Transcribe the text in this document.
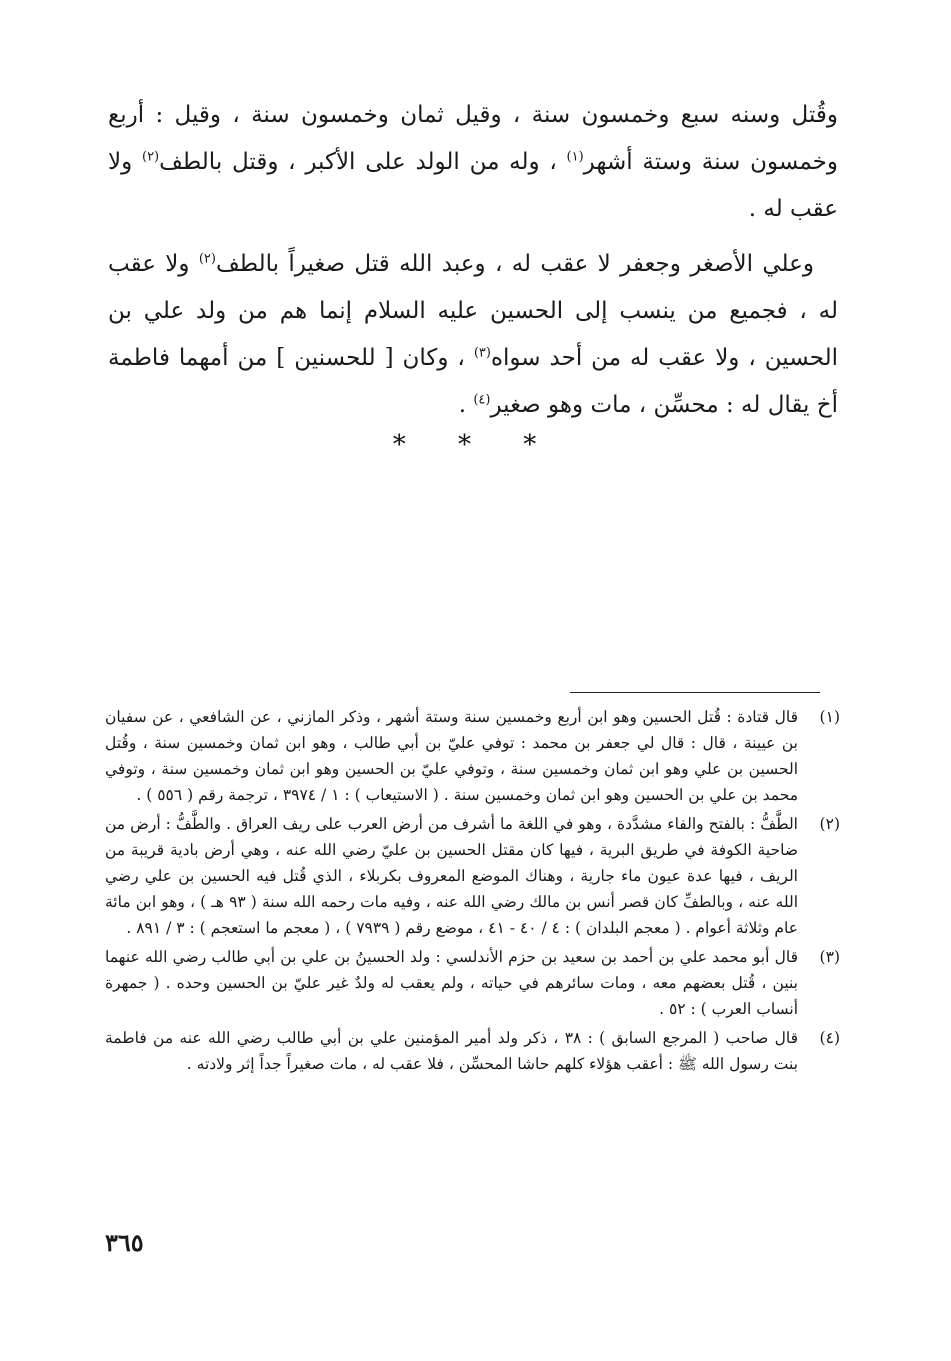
وقُتل وسنه سبع وخمسون سنة ، وقيل ثمان وخمسون سنة ، وقيل : أربع وخمسون سنة وستة أشهر$^{(١)}$ ، وله من الولد على الأكبر ، وقتل بالطف$^{(٢)}$ ولا عقب له .

وعلي الأصغر وجعفر لا عقب له ، وعبد الله قتل صغيراً بالطف$^{(٢)}$ ولا عقب له ، فجميع من ينسب إلى الحسين عليه السلام إنما هم من ولد علي بن الحسين ، ولا عقب له من أحد سواه$^{(٣)}$ ، وكان [ للحسنين ] من أمهما فاطمة أخ يقال له : محسِّن ، مات وهو صغير$^{(٤)}$ .

* * *
(١)
قال قتادة : قُتل الحسين وهو ابن أربع وخمسين سنة وستة أشهر ، وذكر المازني ، عن الشافعي ، عن سفيان بن عيينة ، قال : قال لي جعفر بن محمد : توفي عليّ بن أبي طالب ، وهو ابن ثمان وخمسين سنة ، وقُتل الحسين بن علي وهو ابن ثمان وخمسين سنة ، وتوفي عليّ بن الحسين وهو ابن ثمان وخمسين سنة ، وتوفي محمد بن علي بن الحسين وهو ابن ثمان وخمسين سنة . ( الاستيعاب ) : ١ / ٣٩٧٤ ، ترجمة رقم ( ٥٥٦ ) .
(٢)
الطَّفُّ : بالفتح والفاء مشدَّدة ، وهو في اللغة ما أشرف من أرض العرب على ريف العراق . والطَّفُّ : أرض من ضاحية الكوفة في طريق البرية ، فيها كان مقتل الحسين بن عليّ رضي الله عنه ، وهي أرض بادية قريبة من الريف ، فيها عدة عيون ماء جارية ، وهناك الموضع المعروف بكربلاء ، الذي قُتل فيه الحسين بن علي رضي الله عنه ، وبالطفِّ كان قصر أنس بن مالك رضي الله عنه ، وفيه مات رحمه الله سنة ( ٩٣ هـ ) ، وهو ابن مائة عام وثلاثة أعوام . ( معجم البلدان ) : ٤ / ٤٠ - ٤١ ، موضع رقم ( ٧٩٣٩ ) ، ( معجم ما استعجم ) : ٣ / ٨٩١ .
(٣)
قال أبو محمد علي بن أحمد بن سعيد بن حزم الأندلسي : ولد الحسينُ بن علي بن أبي طالب رضي الله عنهما بنين ، قُتل بعضهم معه ، ومات سائرهم في حياته ، ولم يعقب له ولدٌ غير عليّ بن الحسين وحده . ( جمهرة أنساب العرب ) : ٥٢ .
(٤)
قال صاحب ( المرجع السابق ) : ٣٨ ، ذكر ولد أمير المؤمنين علي بن أبي طالب رضي الله عنه من فاطمة بنت رسول الله ﷺ : أعقب هؤلاء كلهم حاشا المحسِّن ، فلا عقب له ، مات صغيراً جداً إثر ولادته .
٣٦٥
